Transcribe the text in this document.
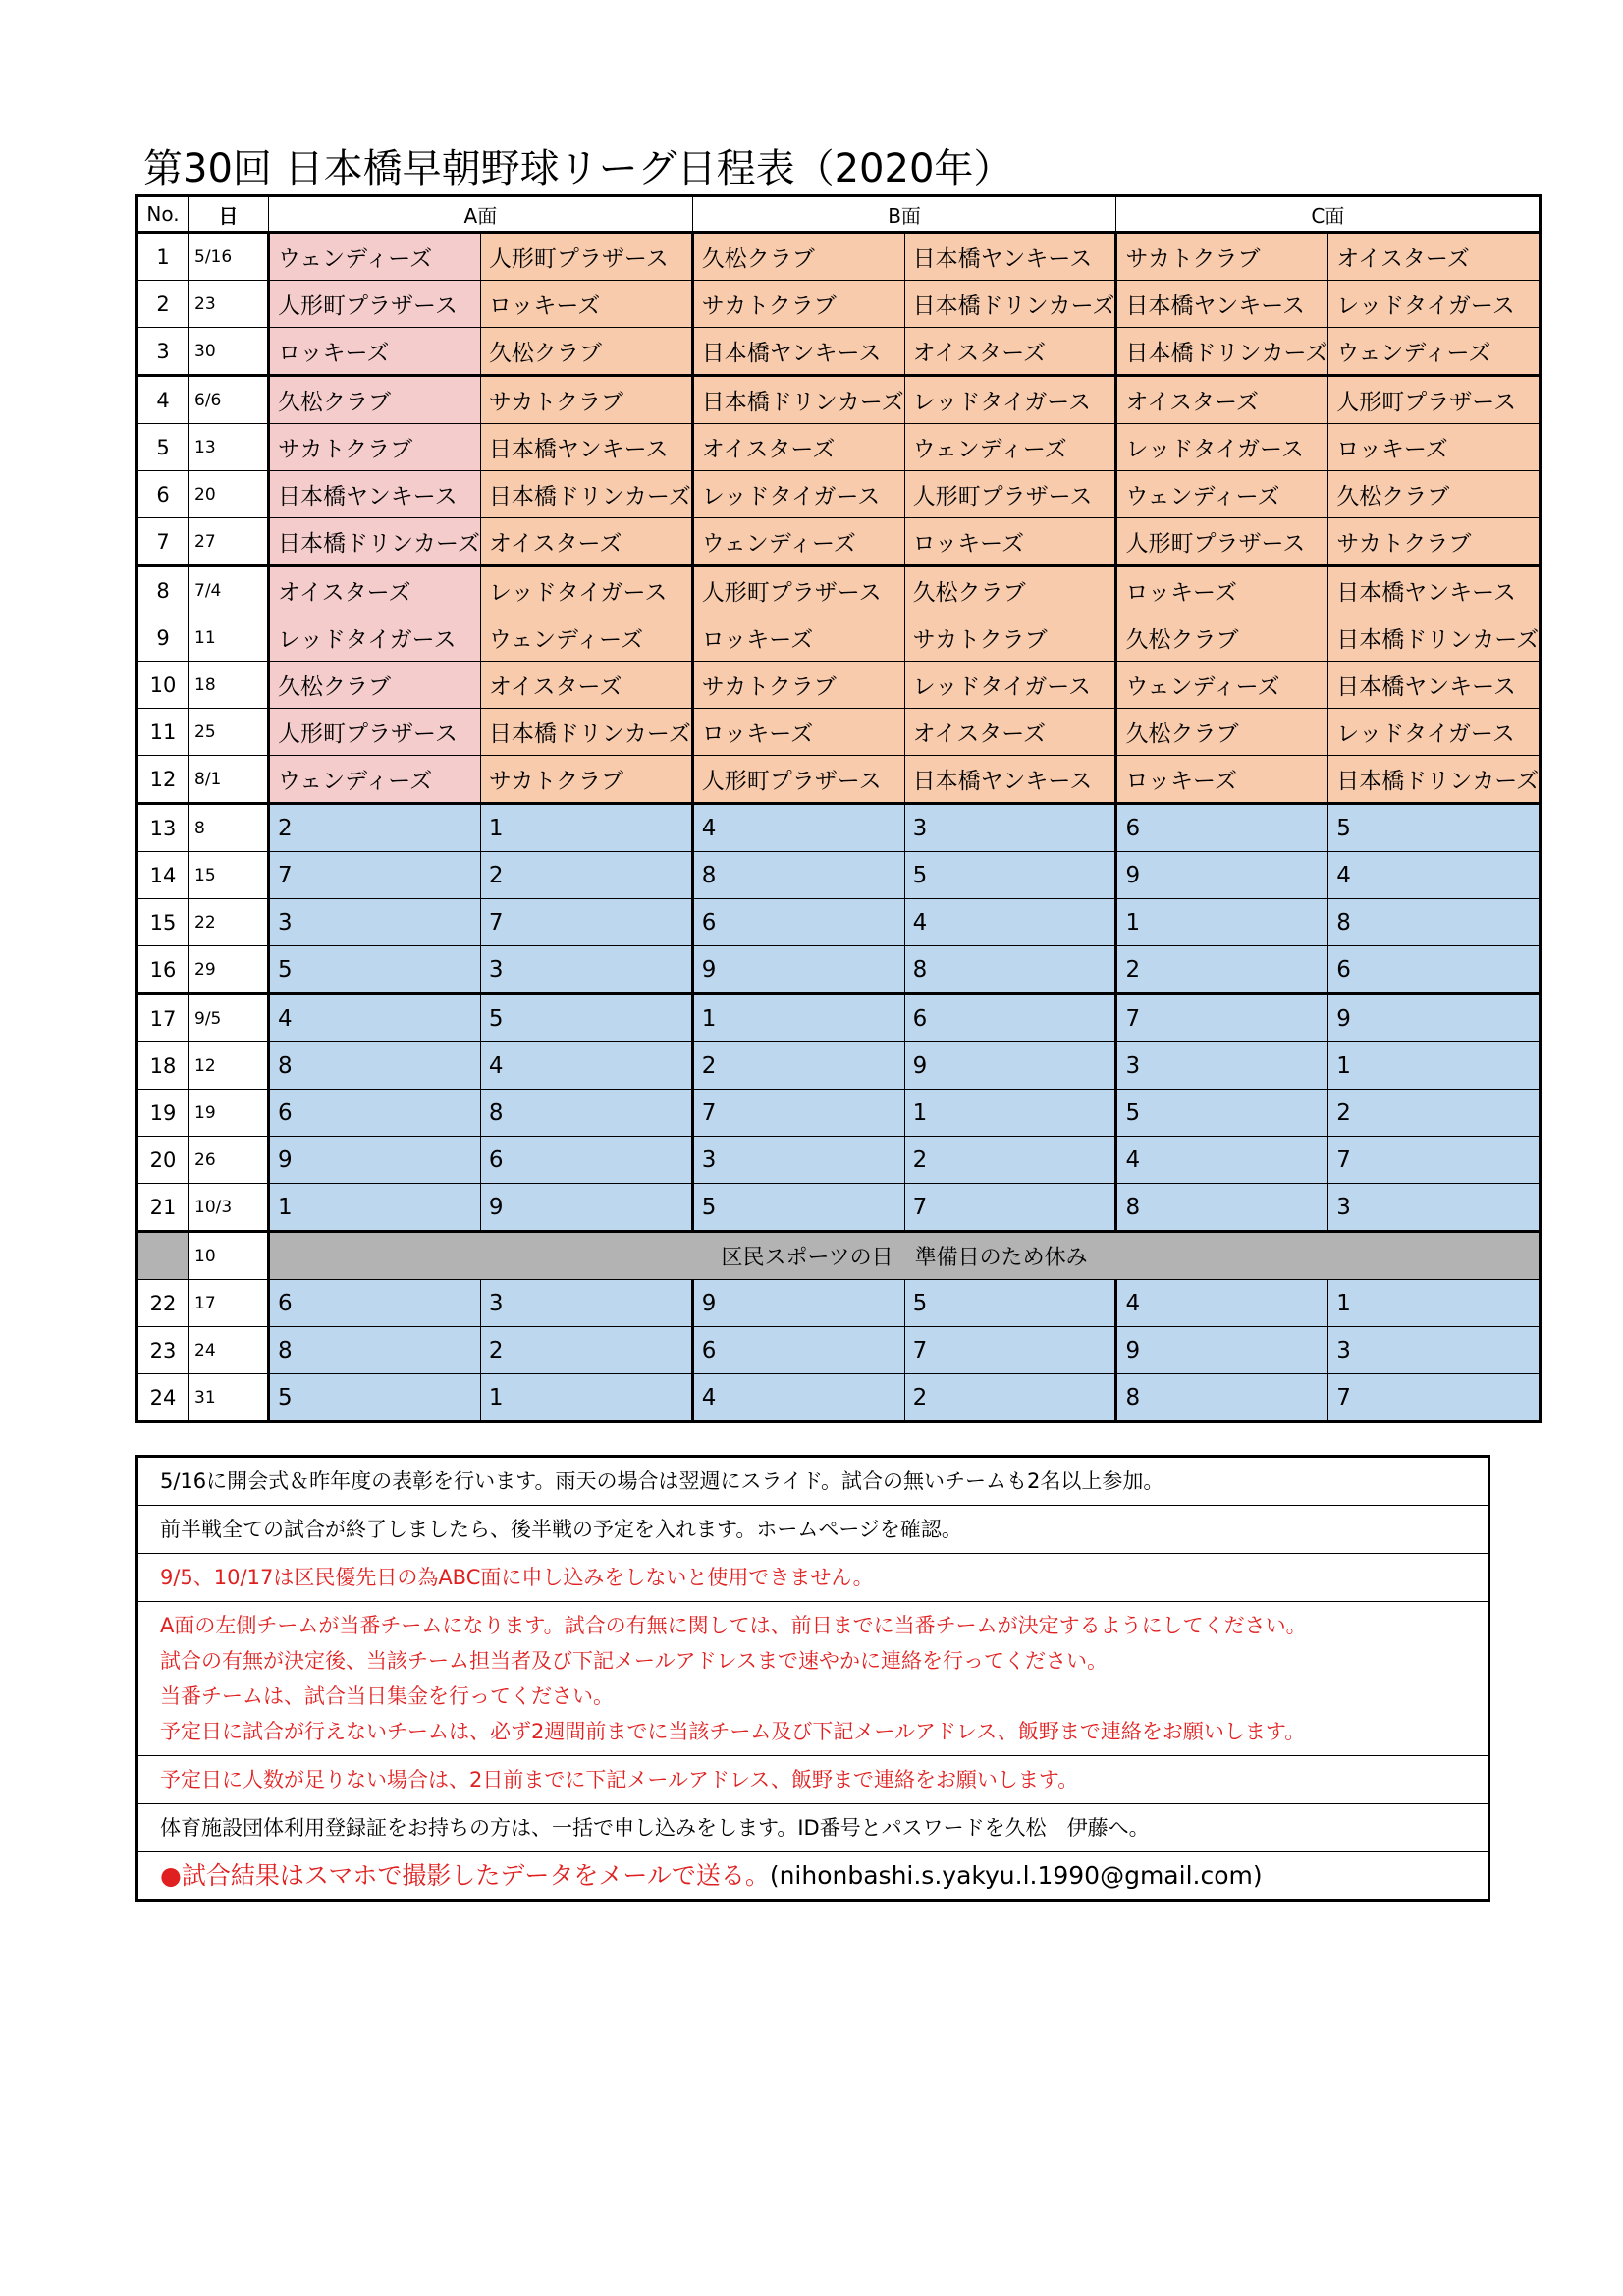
第30回 日本橋早朝野球リーグ日程表（2020年）
No.	日	A面		B面		C面	
1	5/16	ウェンディーズ	人形町プラザース	久松クラブ	日本橋ヤンキース	サカトクラブ	オイスターズ
2	23	人形町プラザース	ロッキーズ	サカトクラブ	日本橋ドリンカーズ	日本橋ヤンキース	レッドタイガース
3	30	ロッキーズ	久松クラブ	日本橋ヤンキース	オイスターズ	日本橋ドリンカーズ	ウェンディーズ
4	6/6	久松クラブ	サカトクラブ	日本橋ドリンカーズ	レッドタイガース	オイスターズ	人形町プラザース
5	13	サカトクラブ	日本橋ヤンキース	オイスターズ	ウェンディーズ	レッドタイガース	ロッキーズ
6	20	日本橋ヤンキース	日本橋ドリンカーズ	レッドタイガース	人形町プラザース	ウェンディーズ	久松クラブ
7	27	日本橋ドリンカーズ	オイスターズ	ウェンディーズ	ロッキーズ	人形町プラザース	サカトクラブ
8	7/4	オイスターズ	レッドタイガース	人形町プラザース	久松クラブ	ロッキーズ	日本橋ヤンキース
9	11	レッドタイガース	ウェンディーズ	ロッキーズ	サカトクラブ	久松クラブ	日本橋ドリンカーズ
10	18	久松クラブ	オイスターズ	サカトクラブ	レッドタイガース	ウェンディーズ	日本橋ヤンキース
11	25	人形町プラザース	日本橋ドリンカーズ	ロッキーズ	オイスターズ	久松クラブ	レッドタイガース
12	8/1	ウェンディーズ	サカトクラブ	人形町プラザース	日本橋ヤンキース	ロッキーズ	日本橋ドリンカーズ
13	8	2	1	4	3	6	5
14	15	7	2	8	5	9	4
15	22	3	7	6	4	1	8
16	29	5	3	9	8	2	6
17	9/5	4	5	1	6	7	9
18	12	8	4	2	9	3	1
19	19	6	8	7	1	5	2
20	26	9	6	3	2	4	7
21	10/3	1	9	5	7	8	3
	10	区民スポーツの日　準備日のため休み					
22	17	6	3	9	5	4	1
23	24	8	2	6	7	9	3
24	31	5	1	4	2	8	7
5/16に開会式＆昨年度の表彰を行います。雨天の場合は翌週にスライド。試合の無いチームも2名以上参加。
前半戦全ての試合が終了しましたら、後半戦の予定を入れます。ホームページを確認。
9/5、10/17は区民優先日の為ABC面に申し込みをしないと使用できません。
A面の左側チームが当番チームになります。試合の有無に関しては、前日までに当番チームが決定するようにしてください。
試合の有無が決定後、当該チーム担当者及び下記メールアドレスまで速やかに連絡を行ってください。
当番チームは、試合当日集金を行ってください。
予定日に試合が行えないチームは、必ず2週間前までに当該チーム及び下記メールアドレス、飯野まで連絡をお願いします。
予定日に人数が足りない場合は、2日前までに下記メールアドレス、飯野まで連絡をお願いします。
体育施設団体利用登録証をお持ちの方は、一括で申し込みをします。ID番号とパスワードを久松　伊藤へ。
●試合結果はスマホで撮影したデータをメールで送る。(nihonbashi.s.yakyu.l.1990@gmail.com)
